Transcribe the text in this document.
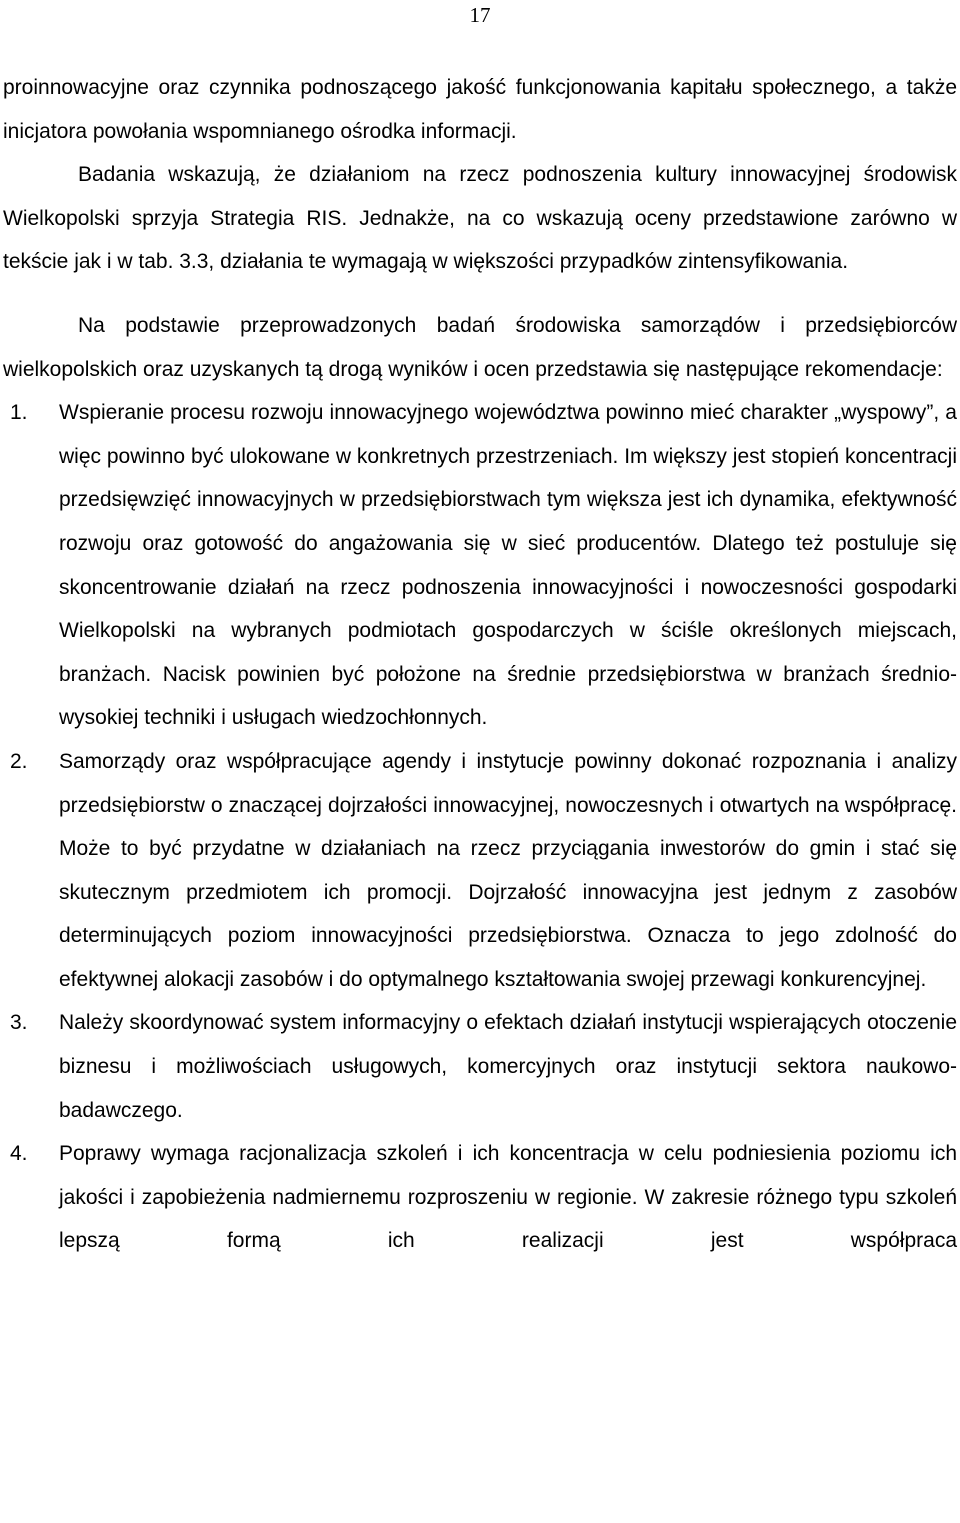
17

proinnowacyjne oraz czynnika podnoszącego jakość funkcjonowania kapitału społecznego, a także inicjatora powołania wspomnianego ośrodka informacji.

Badania wskazują, że działaniom na rzecz podnoszenia kultury innowacyjnej środowisk Wielkopolski sprzyja Strategia RIS. Jednakże, na co wskazują oceny przedstawione zarówno w tekście jak i w tab. 3.3, działania te wymagają w większości przypadków zintensyfikowania.

Na podstawie przeprowadzonych badań środowiska samorządów i przedsiębiorców wielkopolskich oraz uzyskanych tą drogą wyników i ocen przedstawia się następujące rekomendacje:

1. Wspieranie procesu rozwoju innowacyjnego województwa powinno mieć charakter „wyspowy”, a więc powinno być ulokowane w konkretnych przestrzeniach. Im większy jest stopień koncentracji przedsięwzięć innowacyjnych w przedsiębiorstwach tym większa jest ich dynamika, efektywność rozwoju oraz gotowość do angażowania się w sieć producentów. Dlatego też postuluje się skoncentrowanie działań na rzecz podnoszenia innowacyjności i nowoczesności gospodarki Wielkopolski na wybranych podmiotach gospodarczych w ściśle określonych miejscach, branżach. Nacisk powinien być położone na średnie przedsiębiorstwa w branżach średnio-wysokiej techniki i usługach wiedzochłonnych.
2. Samorządy oraz współpracujące agendy i instytucje powinny dokonać rozpoznania i analizy przedsiębiorstw o znaczącej dojrzałości innowacyjnej, nowoczesnych i otwartych na współpracę. Może to być przydatne w działaniach na rzecz przyciągania inwestorów do gmin i stać się skutecznym przedmiotem ich promocji. Dojrzałość innowacyjna jest jednym z zasobów determinujących poziom innowacyjności przedsiębiorstwa. Oznacza to jego zdolność do efektywnej alokacji zasobów i do optymalnego kształtowania swojej przewagi konkurencyjnej.
3. Należy skoordynować system informacyjny o efektach działań instytucji wspierających otoczenie biznesu i możliwościach usługowych, komercyjnych oraz instytucji sektora naukowo-badawczego.
4. Poprawy wymaga racjonalizacja szkoleń i ich koncentracja w celu podniesienia poziomu ich jakości i zapobieżenia nadmiernemu rozproszeniu w regionie. W zakresie różnego typu szkoleń lepszą formą ich realizacji jest współpraca
